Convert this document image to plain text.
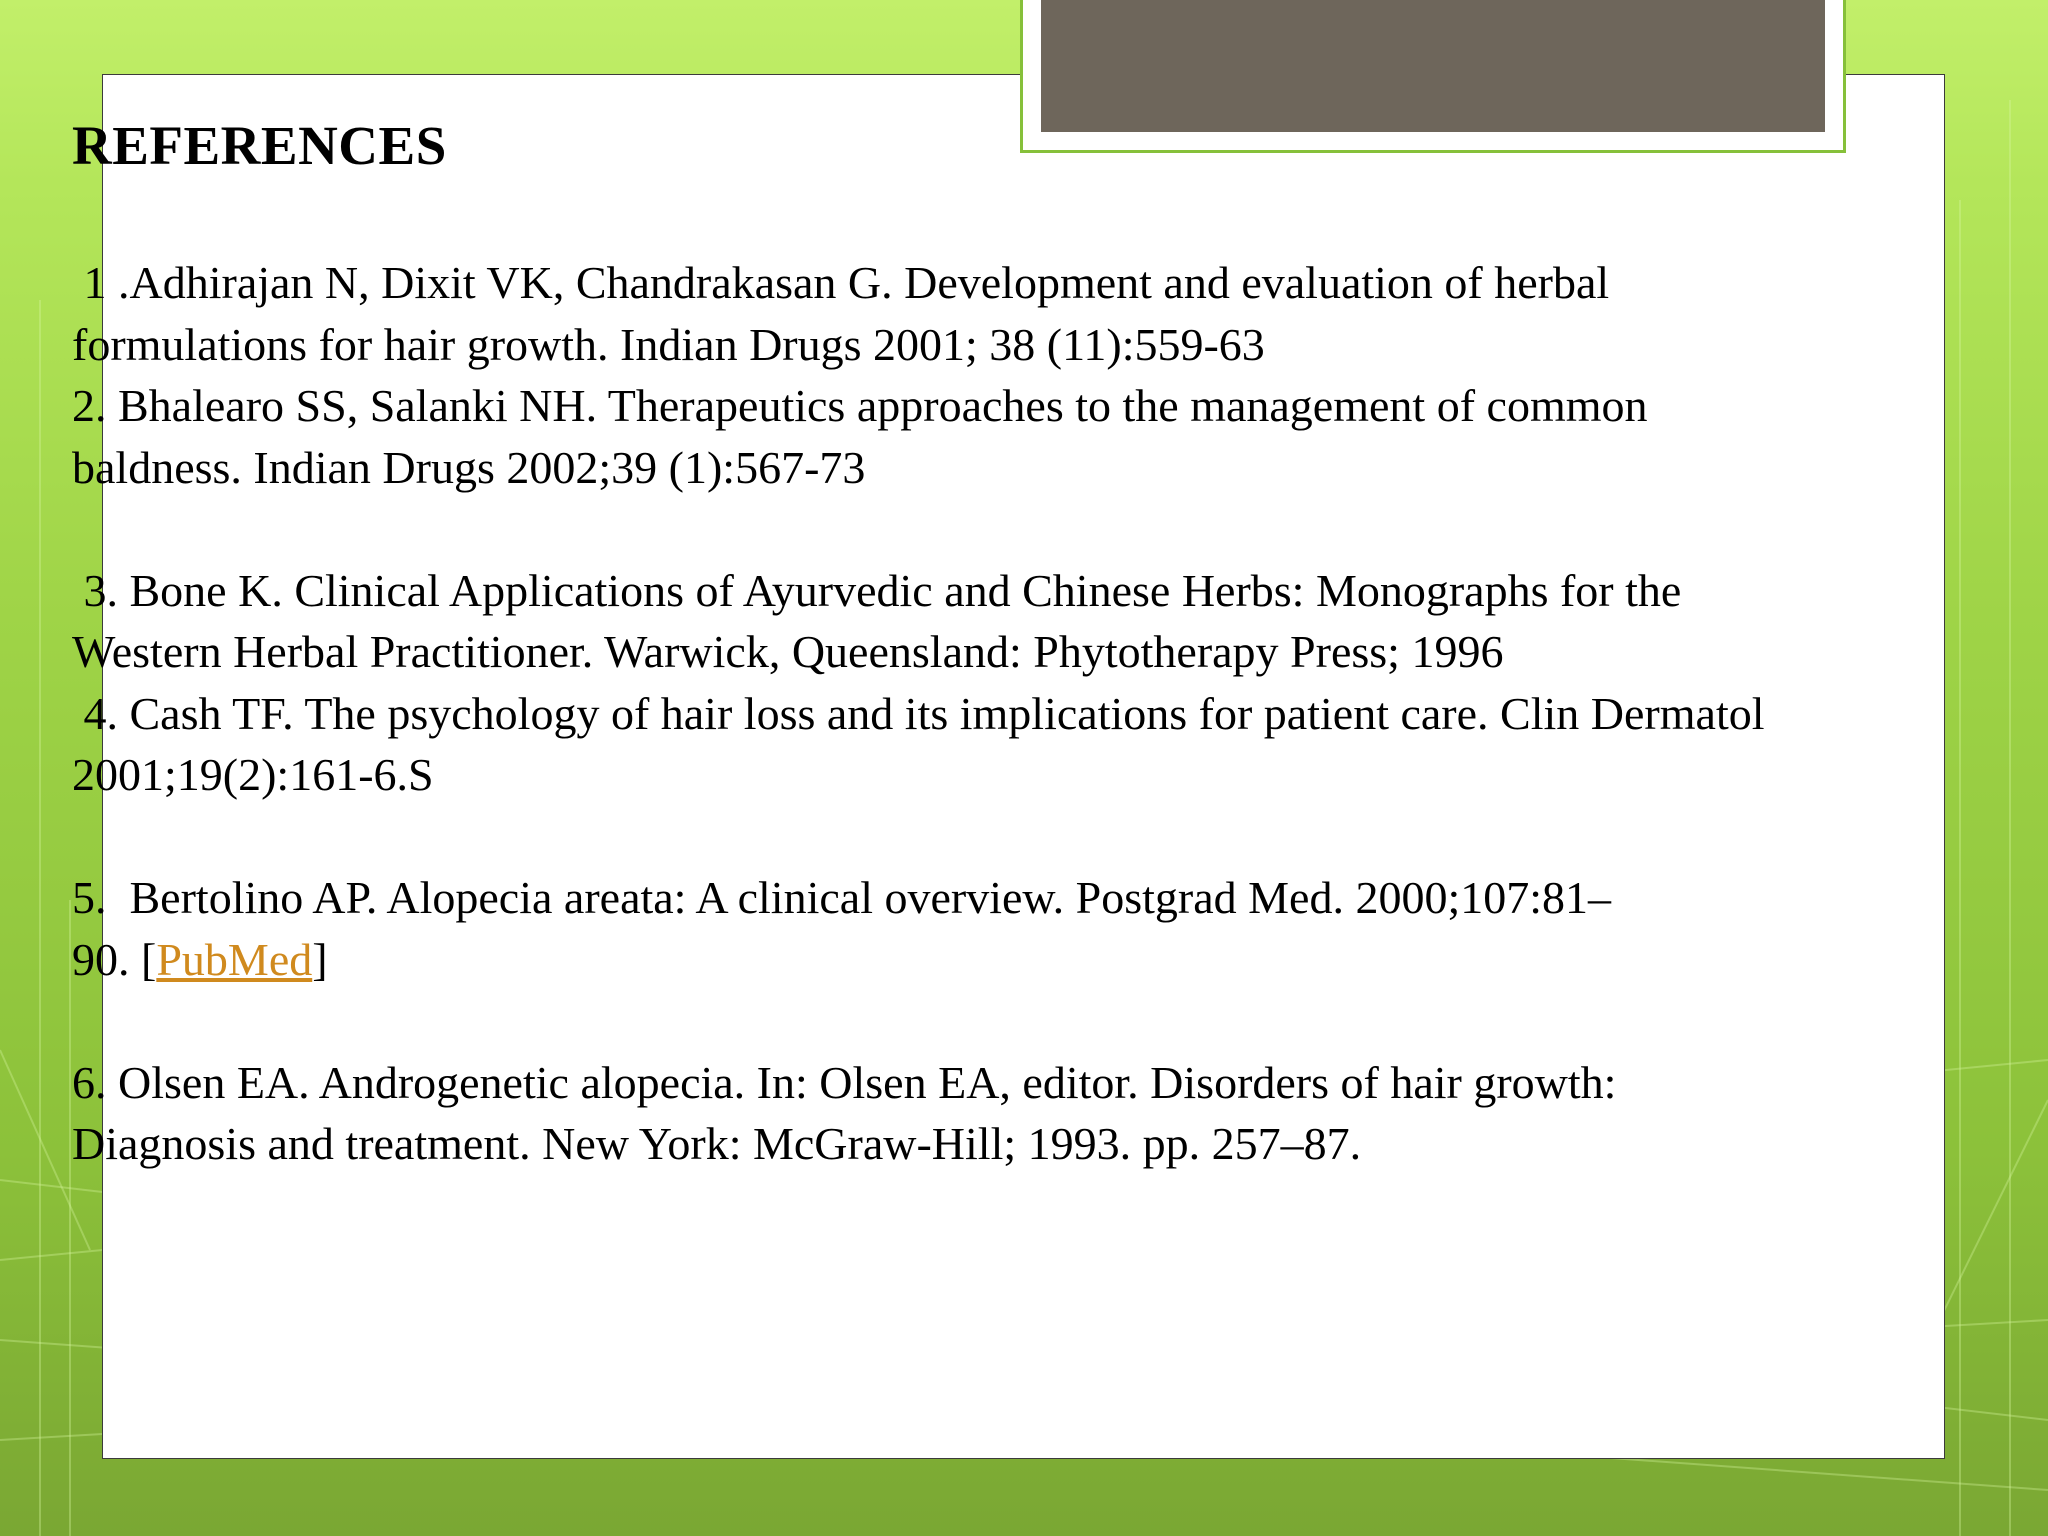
REFERENCES
1 .Adhirajan N, Dixit VK, Chandrakasan G. Development and evaluation of herbal
formulations for hair growth. Indian Drugs 2001; 38 (11):559-63
2. Bhalearo SS, Salanki NH. Therapeutics approaches to the management of common
baldness. Indian Drugs 2002;39 (1):567-73
3. Bone K. Clinical Applications of Ayurvedic and Chinese Herbs: Monographs for the
Western Herbal Practitioner. Warwick, Queensland: Phytotherapy Press; 1996
4. Cash TF. The psychology of hair loss and its implications for patient care. Clin Dermatol
2001;19(2):161-6.S
5.  Bertolino AP. Alopecia areata: A clinical overview. Postgrad Med. 2000;107:81–
90. [PubMed]
6. Olsen EA. Androgenetic alopecia. In: Olsen EA, editor. Disorders of hair growth:
Diagnosis and treatment. New York: McGraw-Hill; 1993. pp. 257–87.
